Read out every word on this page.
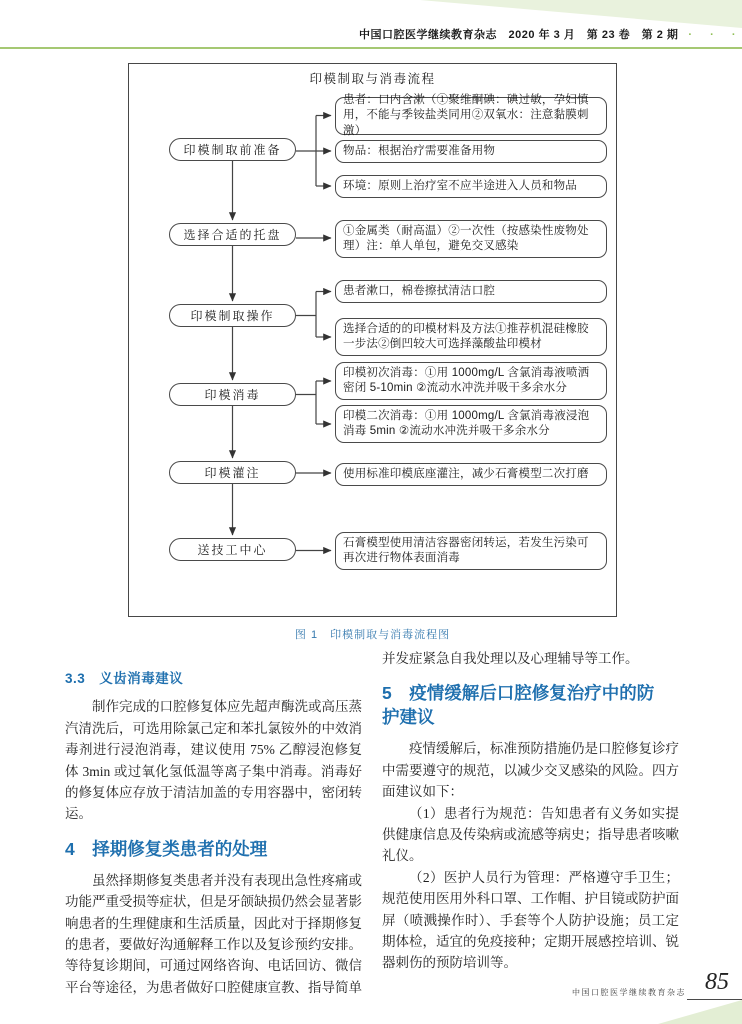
中国口腔医学继续教育杂志　2020 年 3 月　第 23 卷　第 2 期 · · ·
印模制取与消毒流程
印模制取前准备
选择合适的托盘
印模制取操作
印模消毒
印模灌注
送技工中心
患者：口内含漱（①聚维酮碘：碘过敏，孕妇慎用，不能与季铵盐类同用②双氧水：注意黏膜刺激）
物品：根据治疗需要准备用物
环境：原则上治疗室不应半途进入人员和物品
①金属类（耐高温）②一次性（按感染性废物处理）注：单人单包，避免交叉感染
患者漱口，棉卷擦拭清洁口腔
选择合适的的印模材料及方法①推荐机混硅橡胶一步法②倒凹较大可选择藻酸盐印模材
印模初次消毒：①用 1000mg/L 含氯消毒液喷洒密闭 5-10min ②流动水冲洗并吸干多余水分
印模二次消毒：①用 1000mg/L 含氯消毒液浸泡消毒 5min ②流动水冲洗并吸干多余水分
使用标准印模底座灌注，减少石膏模型二次打磨
石膏模型使用清洁容器密闭转运，若发生污染可再次进行物体表面消毒
图 1　印模制取与消毒流程图
3.3　义齿消毒建议

制作完成的口腔修复体应先超声酶洗或高压蒸汽清洗后，可选用除氯己定和苯扎氯铵外的中效消毒剂进行浸泡消毒，建议使用 75% 乙醇浸泡修复体 3min 或过氧化氢低温等离子集中消毒。消毒好的修复体应存放于清洁加盖的专用容器中，密闭转运。

4　择期修复类患者的处理

虽然择期修复类患者并没有表现出急性疼痛或功能严重受损等症状，但是牙颌缺损仍然会显著影响患者的生理健康和生活质量，因此对于择期修复的患者，要做好沟通解释工作以及复诊预约安排。等待复诊期间，可通过网络咨询、电话回访、微信平台等途径，为患者做好口腔健康宣教、指导简单

并发症紧急自我处理以及心理辅导等工作。

5　疫情缓解后口腔修复治疗中的防
护建议

疫情缓解后，标准预防措施仍是口腔修复诊疗中需要遵守的规范，以减少交叉感染的风险。四方面建议如下：

（1）患者行为规范：告知患者有义务如实提供健康信息及传染病或流感等病史；指导患者咳嗽礼仪。

（2）医护人员行为管理：严格遵守手卫生；规范使用医用外科口罩、工作帽、护目镜或防护面屏（喷溅操作时）、手套等个人防护设施；员工定期体检，适宜的免疫接种；定期开展感控培训、锐器刺伤的预防培训等。

中国口腔医学继续教育杂志 85
